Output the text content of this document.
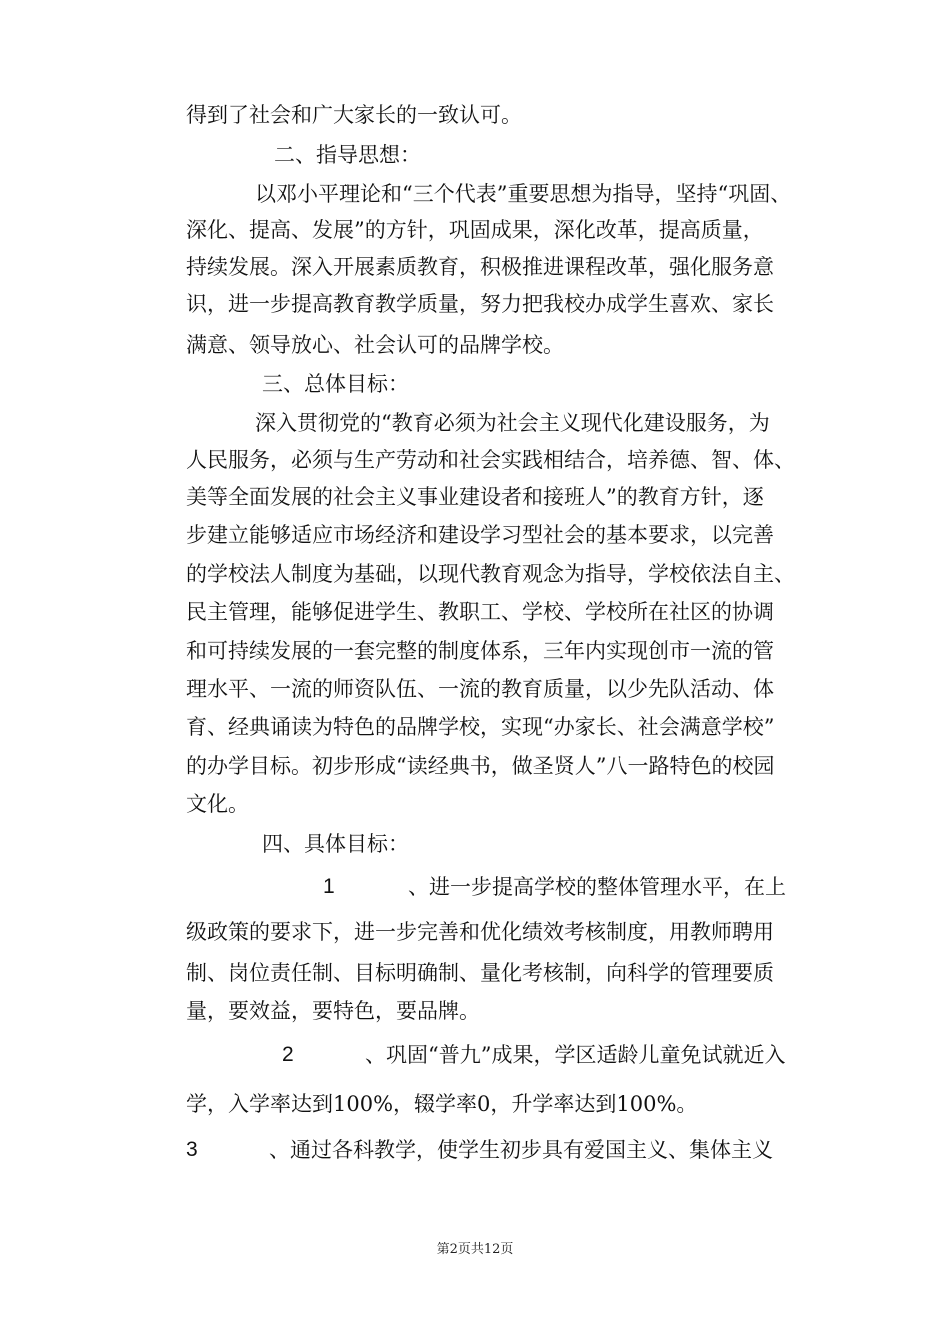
得到了社会和广大家长的一致认可。
二、指导思想：
以邓小平理论和“三个代表”重要思想为指导，坚持“巩固、
深化、提高、发展”的方针，巩固成果，深化改革，提高质量，
持续发展。深入开展素质教育，积极推进课程改革，强化服务意
识，进一步提高教育教学质量，努力把我校办成学生喜欢、家长
满意、领导放心、社会认可的品牌学校。
三、总体目标：
深入贯彻党的“教育必须为社会主义现代化建设服务，为
人民服务，必须与生产劳动和社会实践相结合，培养德、智、体、
美等全面发展的社会主义事业建设者和接班人”的教育方针，逐
步建立能够适应市场经济和建设学习型社会的基本要求，以完善
的学校法人制度为基础，以现代教育观念为指导，学校依法自主、
民主管理，能够促进学生、教职工、学校、学校所在社区的协调
和可持续发展的一套完整的制度体系，三年内实现创市一流的管
理水平、一流的师资队伍、一流的教育质量，以少先队活动、体
育、经典诵读为特色的品牌学校，实现“办家长、社会满意学校”
的办学目标。初步形成“读经典书，做圣贤人”八一路特色的校园
文化。
四、具体目标：
1	、进一步提高学校的整体管理水平，在上
级政策的要求下，进一步完善和优化绩效考核制度，用教师聘用
制、岗位责任制、目标明确制、量化考核制，向科学的管理要质
量，要效益，要特色，要品牌。
2	、巩固“普九”成果，学区适龄儿童免试就近入
学，入学率达到100%，辍学率0，升学率达到100%。
3	、通过各科教学，使学生初步具有爱国主义、集体主义
第2页共12页
